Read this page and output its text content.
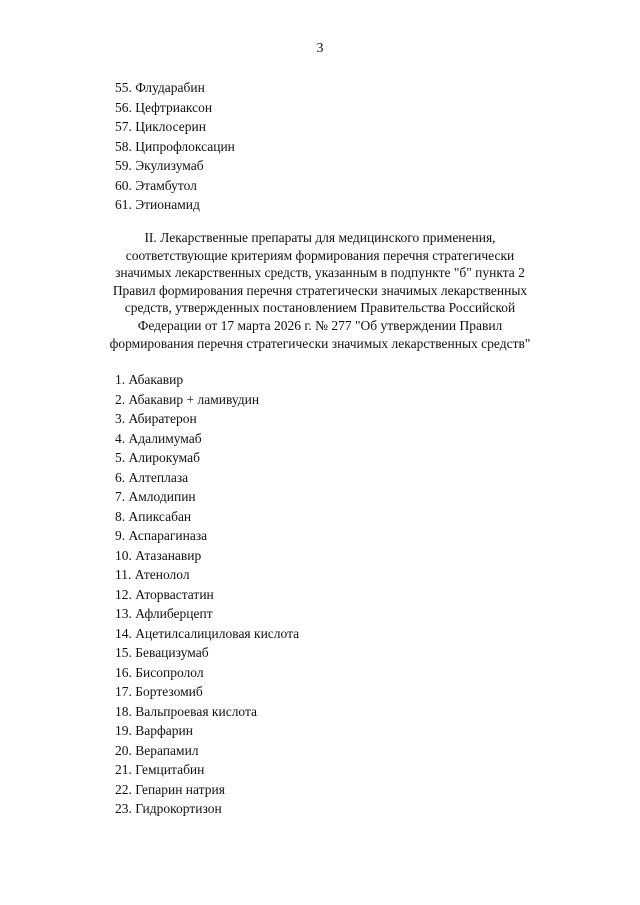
3
55. Флударабин
56. Цефтриаксон
57. Циклосерин
58. Ципрофлоксацин
59. Экулизумаб
60. Этамбутол
61. Этионамид
II. Лекарственные препараты для медицинского применения,
соответствующие критериям формирования перечня стратегически
значимых лекарственных средств, указанным в подпункте "б" пункта 2
Правил формирования перечня стратегически значимых лекарственных
средств, утвержденных постановлением Правительства Российской
Федерации от 17 марта 2026 г. № 277 "Об утверждении Правил
формирования перечня стратегически значимых лекарственных средств"
1. Абакавир
2. Абакавир + ламивудин
3. Абиратерон
4. Адалимумаб
5. Алирокумаб
6. Алтеплаза
7. Амлодипин
8. Апиксабан
9. Аспарагиназа
10. Атазанавир
11. Атенолол
12. Аторвастатин
13. Афлиберцепт
14. Ацетилсалициловая кислота
15. Бевацизумаб
16. Бисопролол
17. Бортезомиб
18. Вальпроевая кислота
19. Варфарин
20. Верапамил
21. Гемцитабин
22. Гепарин натрия
23. Гидрокортизон
